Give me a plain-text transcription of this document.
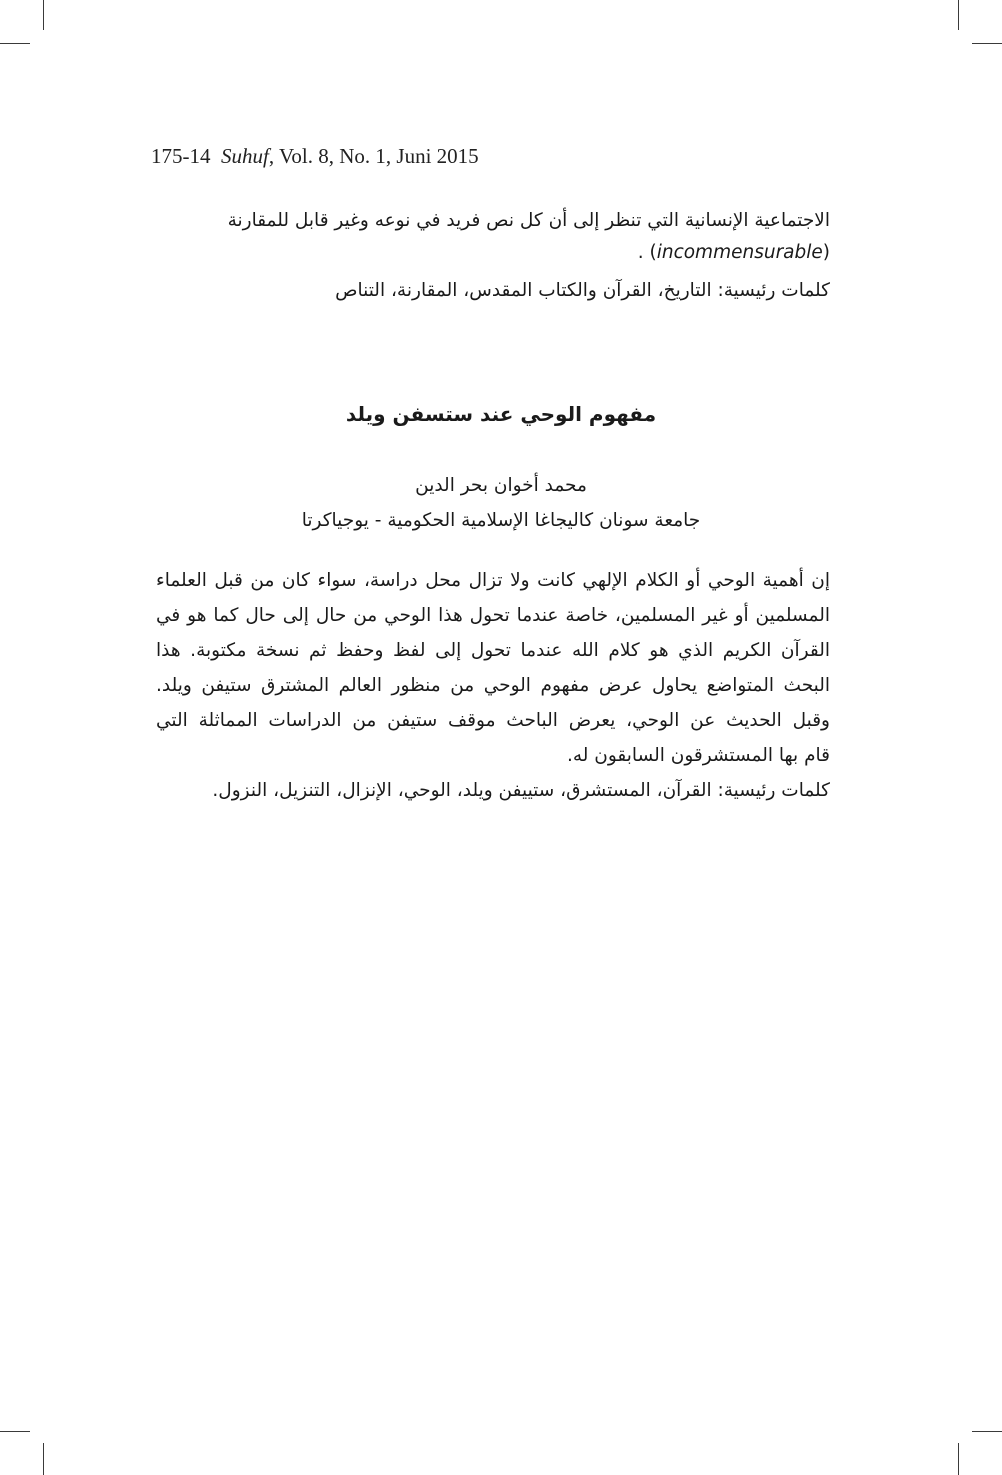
175-14 Suhuf, Vol. 8, No. 1, Juni 2015
الاجتماعية الإنسانية التي تنظر إلى أن كل نص فريد في نوعه وغير قابل للمقارنة
. (incommensurable)
كلمات رئيسية: التاريخ، القرآن والكتاب المقدس، المقارنة، التناص
مفهوم الوحي عند ستسفن ويلد
محمد أخوان بحر الدين
جامعة سونان كاليجاغا الإسلامية الحكومية - يوجياكرتا
إن أهمية الوحي أو الكلام الإلهي كانت ولا تزال محل دراسة، سواء كان من قبل العلماء
المسلمين أو غير المسلمين، خاصة عندما تحول هذا الوحي من حال إلى حال كما هو في
القرآن الكريم الذي هو كلام الله عندما تحول إلى لفظ وحفظ ثم نسخة مكتوبة. هذا
البحث المتواضع يحاول عرض مفهوم الوحي من منظور العالم المشترق ستيفن ويلد.
وقبل الحديث عن الوحي، يعرض الباحث موقف ستيفن من الدراسات المماثلة التي
قام بها المستشرقون السابقون له.
كلمات رئيسية: القرآن، المستشرق، ستييفن ويلد، الوحي، الإنزال، التنزيل، النزول.
